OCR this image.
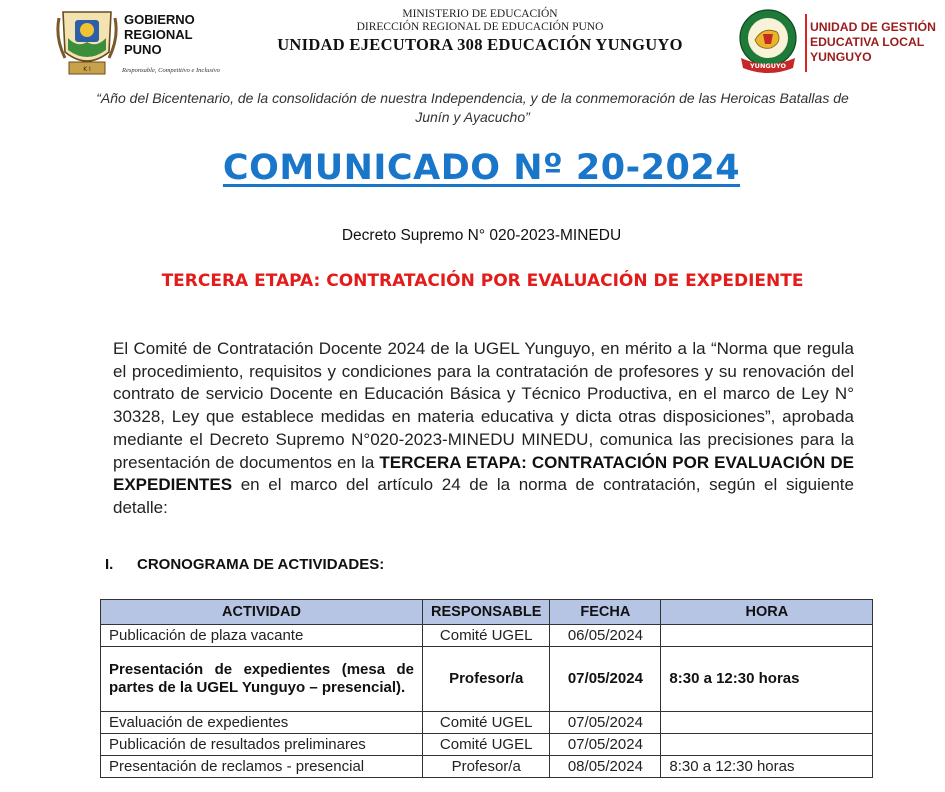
K I
GOBIERNO
REGIONAL
PUNO
Responsable, Competitivo e Inclusivo
MINISTERIO DE EDUCACIÓN
DIRECCIÓN REGIONAL DE EDUCACIÓN PUNO
UNIDAD EJECUTORA 308 EDUCACIÓN YUNGUYO
YUNGUYO
UNIDAD DE GESTIÓN
EDUCATIVA LOCAL
YUNGUYO
“Año del Bicentenario, de la consolidación de nuestra Independencia, y de la conmemoración de las Heroicas Batallas de Junín y Ayacucho”
COMUNICADO Nº 20-2024
Decreto Supremo N° 020-2023-MINEDU
TERCERA ETAPA: CONTRATACIÓN POR EVALUACIÓN DE EXPEDIENTE
El Comité de Contratación Docente 2024 de la UGEL Yunguyo, en mérito a la “Norma que regula el procedimiento, requisitos y condiciones para la contratación de profesores y su renovación del contrato de servicio Docente en Educación Básica y Técnico Productiva, en el marco de Ley N° 30328, Ley que establece medidas en materia educativa y dicta otras disposiciones”, aprobada mediante el Decreto Supremo N°020-2023-MINEDU MINEDU, comunica las precisiones para la presentación de documentos en la TERCERA ETAPA: CONTRATACIÓN POR EVALUACIÓN DE EXPEDIENTES en el marco del artículo 24 de la norma de contratación, según el siguiente detalle:
I. CRONOGRAMA DE ACTIVIDADES:
ACTIVIDAD	RESPONSABLE	FECHA	HORA
Publicación de plaza vacante	Comité UGEL	06/05/2024	
Presentación de expedientes (mesa de partes de la UGEL Yunguyo – presencial).	Profesor/a	07/05/2024	8:30 a 12:30 horas
Evaluación de expedientes	Comité UGEL	07/05/2024	
Publicación de resultados preliminares	Comité UGEL	07/05/2024	
Presentación de reclamos - presencial	Profesor/a	08/05/2024	8:30 a 12:30 horas
